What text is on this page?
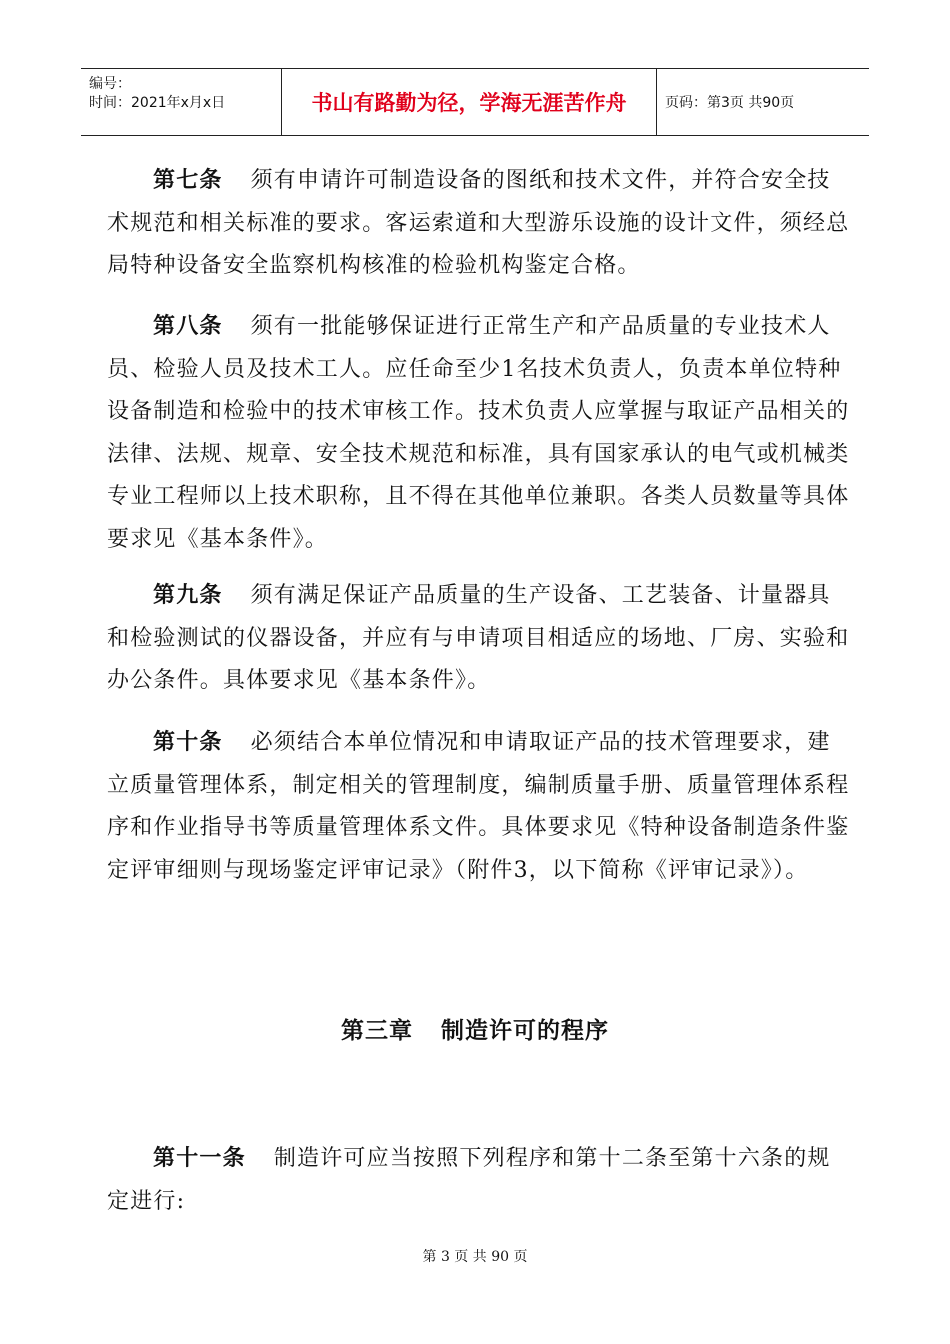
编号：
时间：2021年x月x日	书山有路勤为径，学海无涯苦作舟	页码：第3页 共90页

第七条 须有申请许可制造设备的图纸和技术文件，并符合安全技术规范和相关标准的要求。客运索道和大型游乐设施的设计文件，须经总局特种设备安全监察机构核准的检验机构鉴定合格。

第八条 须有一批能够保证进行正常生产和产品质量的专业技术人员、检验人员及技术工人。应任命至少1名技术负责人，负责本单位特种设备制造和检验中的技术审核工作。技术负责人应掌握与取证产品相关的法律、法规、规章、安全技术规范和标准，具有国家承认的电气或机械类专业工程师以上技术职称，且不得在其他单位兼职。各类人员数量等具体要求见《基本条件》。

第九条 须有满足保证产品质量的生产设备、工艺装备、计量器具和检验测试的仪器设备，并应有与申请项目相适应的场地、厂房、实验和办公条件。具体要求见《基本条件》。

第十条 必须结合本单位情况和申请取证产品的技术管理要求，建立质量管理体系，制定相关的管理制度，编制质量手册、质量管理体系程序和作业指导书等质量管理体系文件。具体要求见《特种设备制造条件鉴定评审细则与现场鉴定评审记录》（附件3，以下简称《评审记录》）。

第三章 制造许可的程序

第十一条 制造许可应当按照下列程序和第十二条至第十六条的规定进行:

第 3 页 共 90 页
